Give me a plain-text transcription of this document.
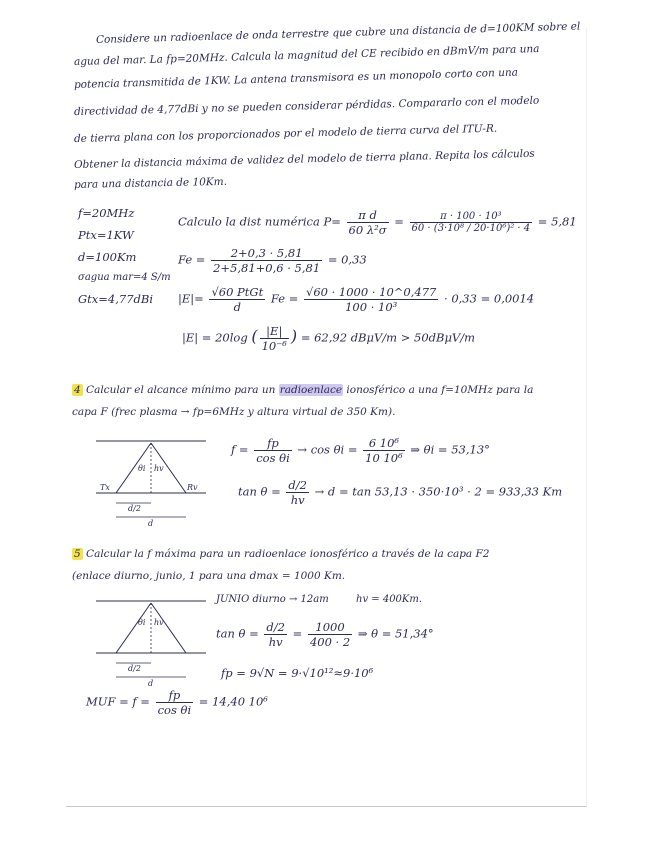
Considere un radioenlace de onda terrestre que cubre una distancia de d=100KM sobre el
agua del mar. La fp=20MHz. Calcula la magnitud del CE recibido en dBmV/m para una
potencia transmitida de 1KW. La antena transmisora es un monopolo corto con una
directividad de 4,77dBi y no se pueden considerar pérdidas. Compararlo con el modelo
de tierra plana con los proporcionados por el modelo de tierra curva del ITU-R.
Obtener la distancia máxima de validez del modelo de tierra plana. Repita los cálculos
para una distancia de 10Km.
f=20MHz
Ptx=1KW
d=100Km
σagua mar=4 S/m
Gtx=4,77dBi
Calculo la dist numérica $P= \frac{\text{π d}}{\text{60 λ²σ}} = \frac{\text{π · 100 · 10³}}{\text{60 · (3·10⁸ / 20·10⁶)² · 4}} = 5,81$
$Fe = \frac{2+0,3 \cdot 5,81}{2+5,81+0,6 \cdot 5,81} = 0,33$
$|E|= \frac{\text{√60 PtGt}}{d}$ $Fe = \frac{√60 \cdot 1000 \cdot 10\^{}0,477}{\text{100 · 10³}} \cdot 0,33 = 0,0014$
|E| = 20log ( $\frac{|E|}{\text{10⁻⁶}}$ ) = 62,92 dBμV/m > 50dBμV/m
4 Calcular el alcance mínimo para un radioenlace ionosférico a una f=10MHz para la
capa F (frec plasma → fp=6MHz y altura virtual de 350 Km).
θi hv
Tx	Rv
d/2
d
$f = \frac{fp}{\text{cos θi}} \to \cos \theta i = \frac{\text{6 10⁶}}{\text{10 10⁶}}$ ⇒ θi = 53,13°
$\tan \theta = \frac{d/2}{hv} \to d = \tan 53,13 \cdot 350\cdot 10^3 \cdot 2 = 933,33$ Km
5 Calcular la f máxima para un radioenlace ionosférico a través de la capa F2
(enlace diurno, junio, 1 para una dmax = 1000 Km.
θi hv
d/2
d
JUNIO diurno → 12am	hv = 400Km.
$\tan \theta = \frac{d/2}{hv} = \frac{1000}{400 \cdot 2}$ ⇒ θ = 51,34°
fp = 9√N = 9·√10¹²≈9·10⁶
MUF = $f = \frac{fp}{\text{cos θi}} = 14,40$ 10⁶
